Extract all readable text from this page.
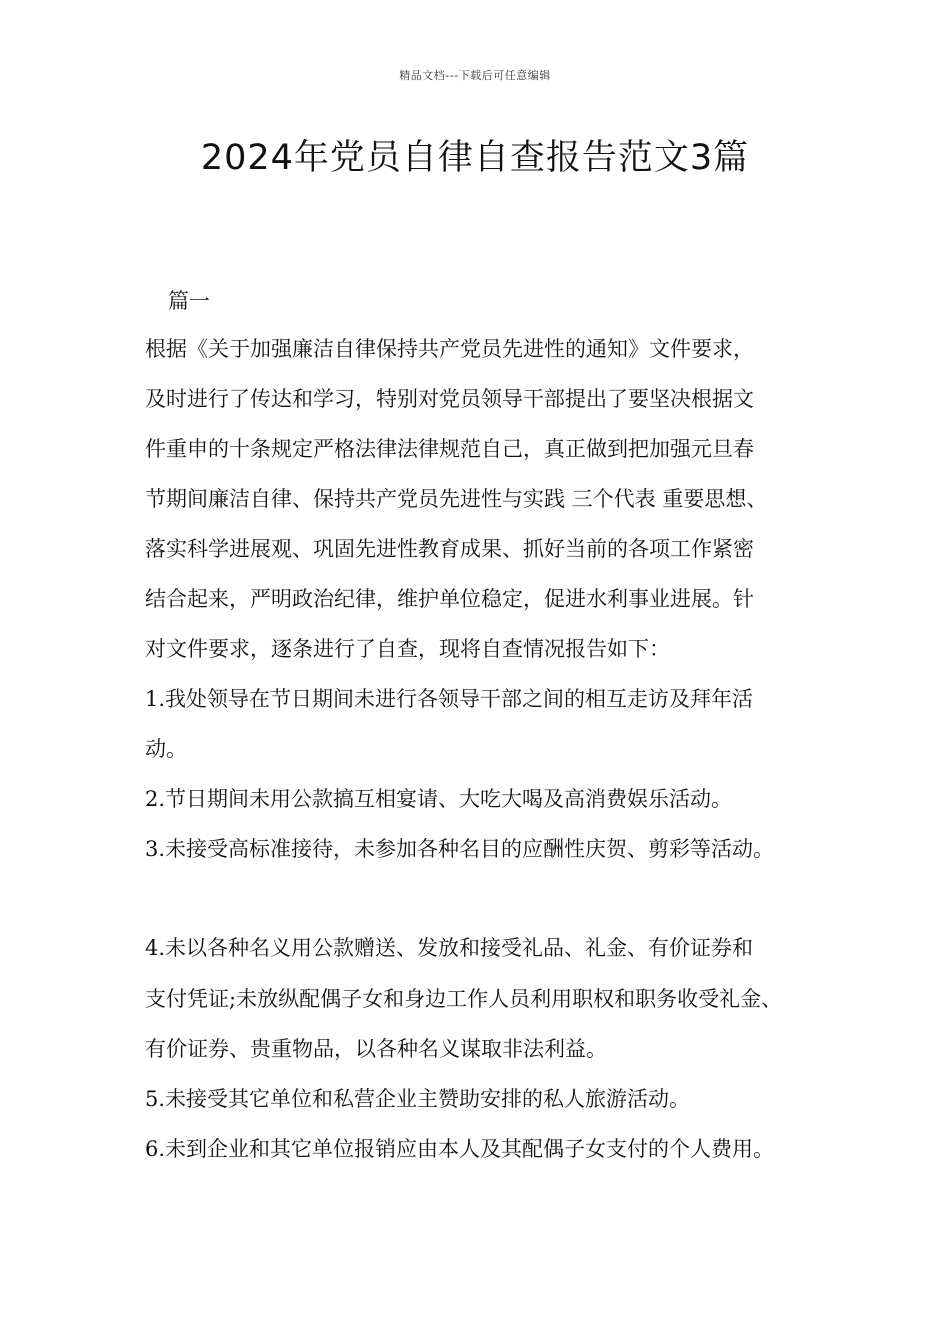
精品文档---下载后可任意编辑
2024年党员自律自查报告范文3篇
篇一
根据《关于加强廉洁自律保持共产党员先进性的通知》文件要求，
及时进行了传达和学习，特别对党员领导干部提出了要坚决根据文
件重申的十条规定严格法律法律规范自己，真正做到把加强元旦春
节期间廉洁自律、保持共产党员先进性与实践 三个代表 重要思想、
落实科学进展观、巩固先进性教育成果、抓好当前的各项工作紧密
结合起来，严明政治纪律，维护单位稳定，促进水利事业进展。针
对文件要求，逐条进行了自查，现将自查情况报告如下：
1.我处领导在节日期间未进行各领导干部之间的相互走访及拜年活
动。
2.节日期间未用公款搞互相宴请、大吃大喝及高消费娱乐活动。
3.未接受高标准接待，未参加各种名目的应酬性庆贺、剪彩等活动。
4.未以各种名义用公款赠送、发放和接受礼品、礼金、有价证券和
支付凭证;未放纵配偶子女和身边工作人员利用职权和职务收受礼金、
有价证券、贵重物品，以各种名义谋取非法利益。
5.未接受其它单位和私营企业主赞助安排的私人旅游活动。
6.未到企业和其它单位报销应由本人及其配偶子女支付的个人费用。
